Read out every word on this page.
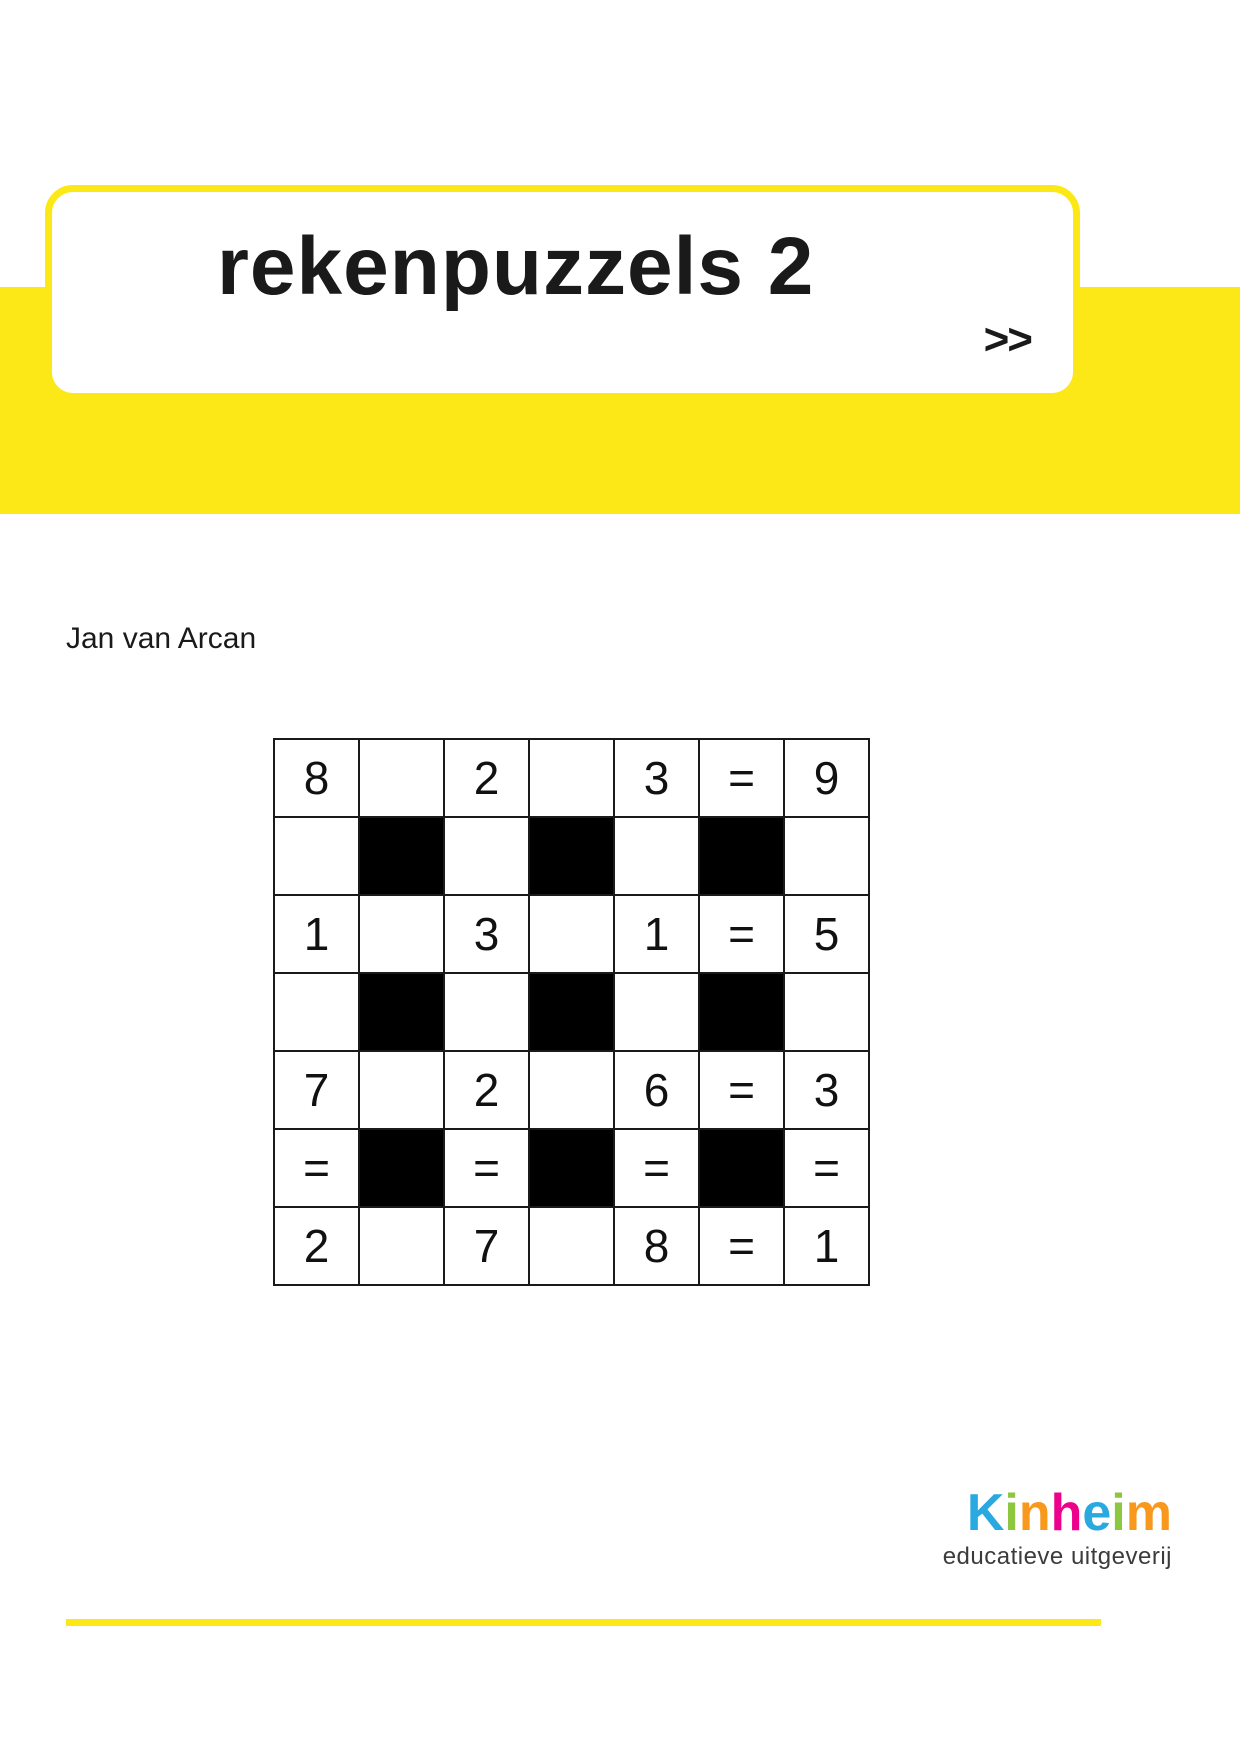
rekenpuzzels 2
>>
Jan van Arcan
8		2		3	=	9

1		3		1	=	5

7		2		6	=	3
=		=		=		=
2		7		8	=	1
Kinheim
educatieve uitgeverij
